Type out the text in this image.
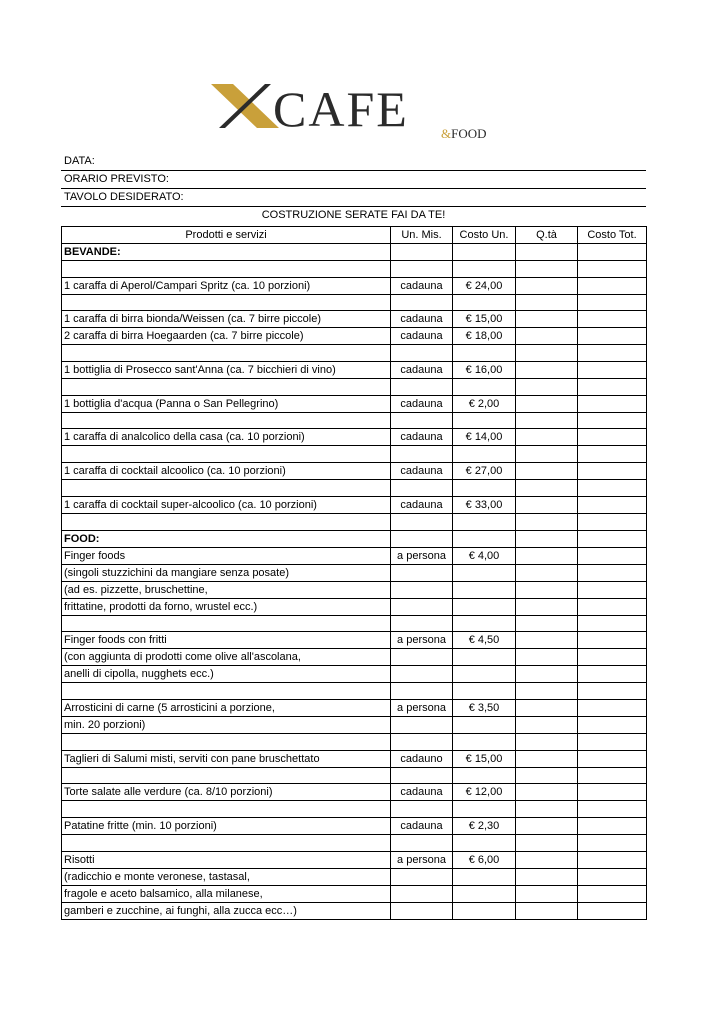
CAFE &FOOD
DATA:
ORARIO PREVISTO:
TAVOLO DESIDERATO:
COSTRUZIONE SERATE FAI DA TE!
Prodotti e servizi	Un. Mis.	Costo Un.	Q.tà	Costo Tot.
BEVANDE:				

1 caraffa di Aperol/Campari Spritz (ca. 10 porzioni)	cadauna	€ 24,00		

1 caraffa di birra bionda/Weissen (ca. 7 birre piccole)	cadauna	€ 15,00		
2 caraffa di birra Hoegaarden (ca. 7 birre piccole)	cadauna	€ 18,00		

1 bottiglia di Prosecco sant'Anna (ca. 7 bicchieri di vino)	cadauna	€ 16,00		

1 bottiglia d'acqua (Panna o San Pellegrino)	cadauna	€ 2,00		

1 caraffa di analcolico della casa (ca. 10 porzioni)	cadauna	€ 14,00		

1 caraffa di cocktail alcoolico (ca. 10 porzioni)	cadauna	€ 27,00		

1 caraffa di cocktail super-alcoolico (ca. 10 porzioni)	cadauna	€ 33,00		

FOOD:				
Finger foods	a persona	€ 4,00		
(singoli stuzzichini da mangiare senza posate)				
(ad es. pizzette, bruschettine,				
frittatine, prodotti da forno, wrustel ecc.)				

Finger foods con fritti	a persona	€ 4,50		
(con aggiunta di prodotti come olive all'ascolana,				
anelli di cipolla, nugghets ecc.)				

Arrosticini di carne (5 arrosticini a porzione,	a persona	€ 3,50		
min. 20 porzioni)				

Taglieri di Salumi misti, serviti con pane bruschettato	cadauno	€ 15,00		

Torte salate alle verdure (ca. 8/10 porzioni)	cadauna	€ 12,00		

Patatine fritte (min. 10 porzioni)	cadauna	€ 2,30		

Risotti	a persona	€ 6,00		
(radicchio e monte veronese, tastasal,				
fragole e aceto balsamico, alla milanese,				
gamberi e zucchine, ai funghi, alla zucca ecc…)				
